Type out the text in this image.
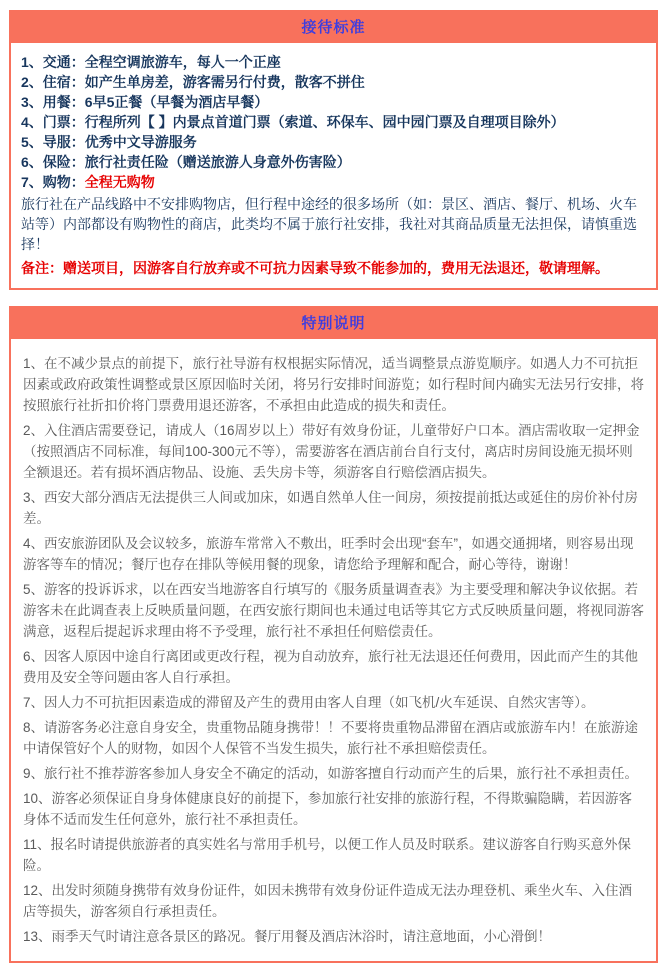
接待标准
1、交通：全程空调旅游车，每人一个正座
2、住宿：如产生单房差，游客需另行付费，散客不拼住
3、用餐：6早5正餐（早餐为酒店早餐）
4、门票：行程所列【 】内景点首道门票（索道、环保车、园中园门票及自理项目除外）
5、导服：优秀中文导游服务
6、保险：旅行社责任险（赠送旅游人身意外伤害险）
7、购物：全程无购物
旅行社在产品线路中不安排购物店，但行程中途经的很多场所（如：景区、酒店、餐厅、机场、火车站等）内部都设有购物性的商店，此类均不属于旅行社安排，我社对其商品质量无法担保，请慎重选择！
备注：赠送项目，因游客自行放弃或不可抗力因素导致不能参加的，费用无法退还，敬请理解。
特别说明

1、在不减少景点的前提下，旅行社导游有权根据实际情况，适当调整景点游览顺序。如遇人力不可抗拒因素或政府政策性调整或景区原因临时关闭，将另行安排时间游览；如行程时间内确实无法另行安排，将按照旅行社折扣价将门票费用退还游客，不承担由此造成的损失和责任。

2、入住酒店需要登记，请成人（16周岁以上）带好有效身份证，儿童带好户口本。酒店需收取一定押金（按照酒店不同标准，每间100-300元不等），需要游客在酒店前台自行支付，离店时房间设施无损坏则全额退还。若有损坏酒店物品、设施、丢失房卡等，须游客自行赔偿酒店损失。

3、西安大部分酒店无法提供三人间或加床，如遇自然单人住一间房，须按提前抵达或延住的房价补付房差。

4、西安旅游团队及会议较多，旅游车常常入不敷出，旺季时会出现“套车”，如遇交通拥堵，则容易出现游客等车的情况；餐厅也存在排队等候用餐的现象，请您给予理解和配合，耐心等待，谢谢！

5、游客的投诉诉求，以在西安当地游客自行填写的《服务质量调查表》为主要受理和解决争议依据。若游客未在此调查表上反映质量问题，在西安旅行期间也未通过电话等其它方式反映质量问题，将视同游客满意，返程后提起诉求理由将不予受理，旅行社不承担任何赔偿责任。

6、因客人原因中途自行离团或更改行程，视为自动放弃，旅行社无法退还任何费用，因此而产生的其他费用及安全等问题由客人自行承担。

7、因人力不可抗拒因素造成的滞留及产生的费用由客人自理（如飞机/火车延误、自然灾害等）。

8、请游客务必注意自身安全，贵重物品随身携带！！不要将贵重物品滞留在酒店或旅游车内！在旅游途中请保管好个人的财物，如因个人保管不当发生损失，旅行社不承担赔偿责任。

9、旅行社不推荐游客参加人身安全不确定的活动，如游客擅自行动而产生的后果，旅行社不承担责任。

10、游客必须保证自身身体健康良好的前提下，参加旅行社安排的旅游行程，不得欺骗隐瞒，若因游客身体不适而发生任何意外，旅行社不承担责任。

11、报名时请提供旅游者的真实姓名与常用手机号，以便工作人员及时联系。建议游客自行购买意外保险。

12、出发时须随身携带有效身份证件，如因未携带有效身份证件造成无法办理登机、乘坐火车、入住酒店等损失，游客须自行承担责任。

13、雨季天气时请注意各景区的路况。餐厅用餐及酒店沐浴时，请注意地面，小心滑倒！
